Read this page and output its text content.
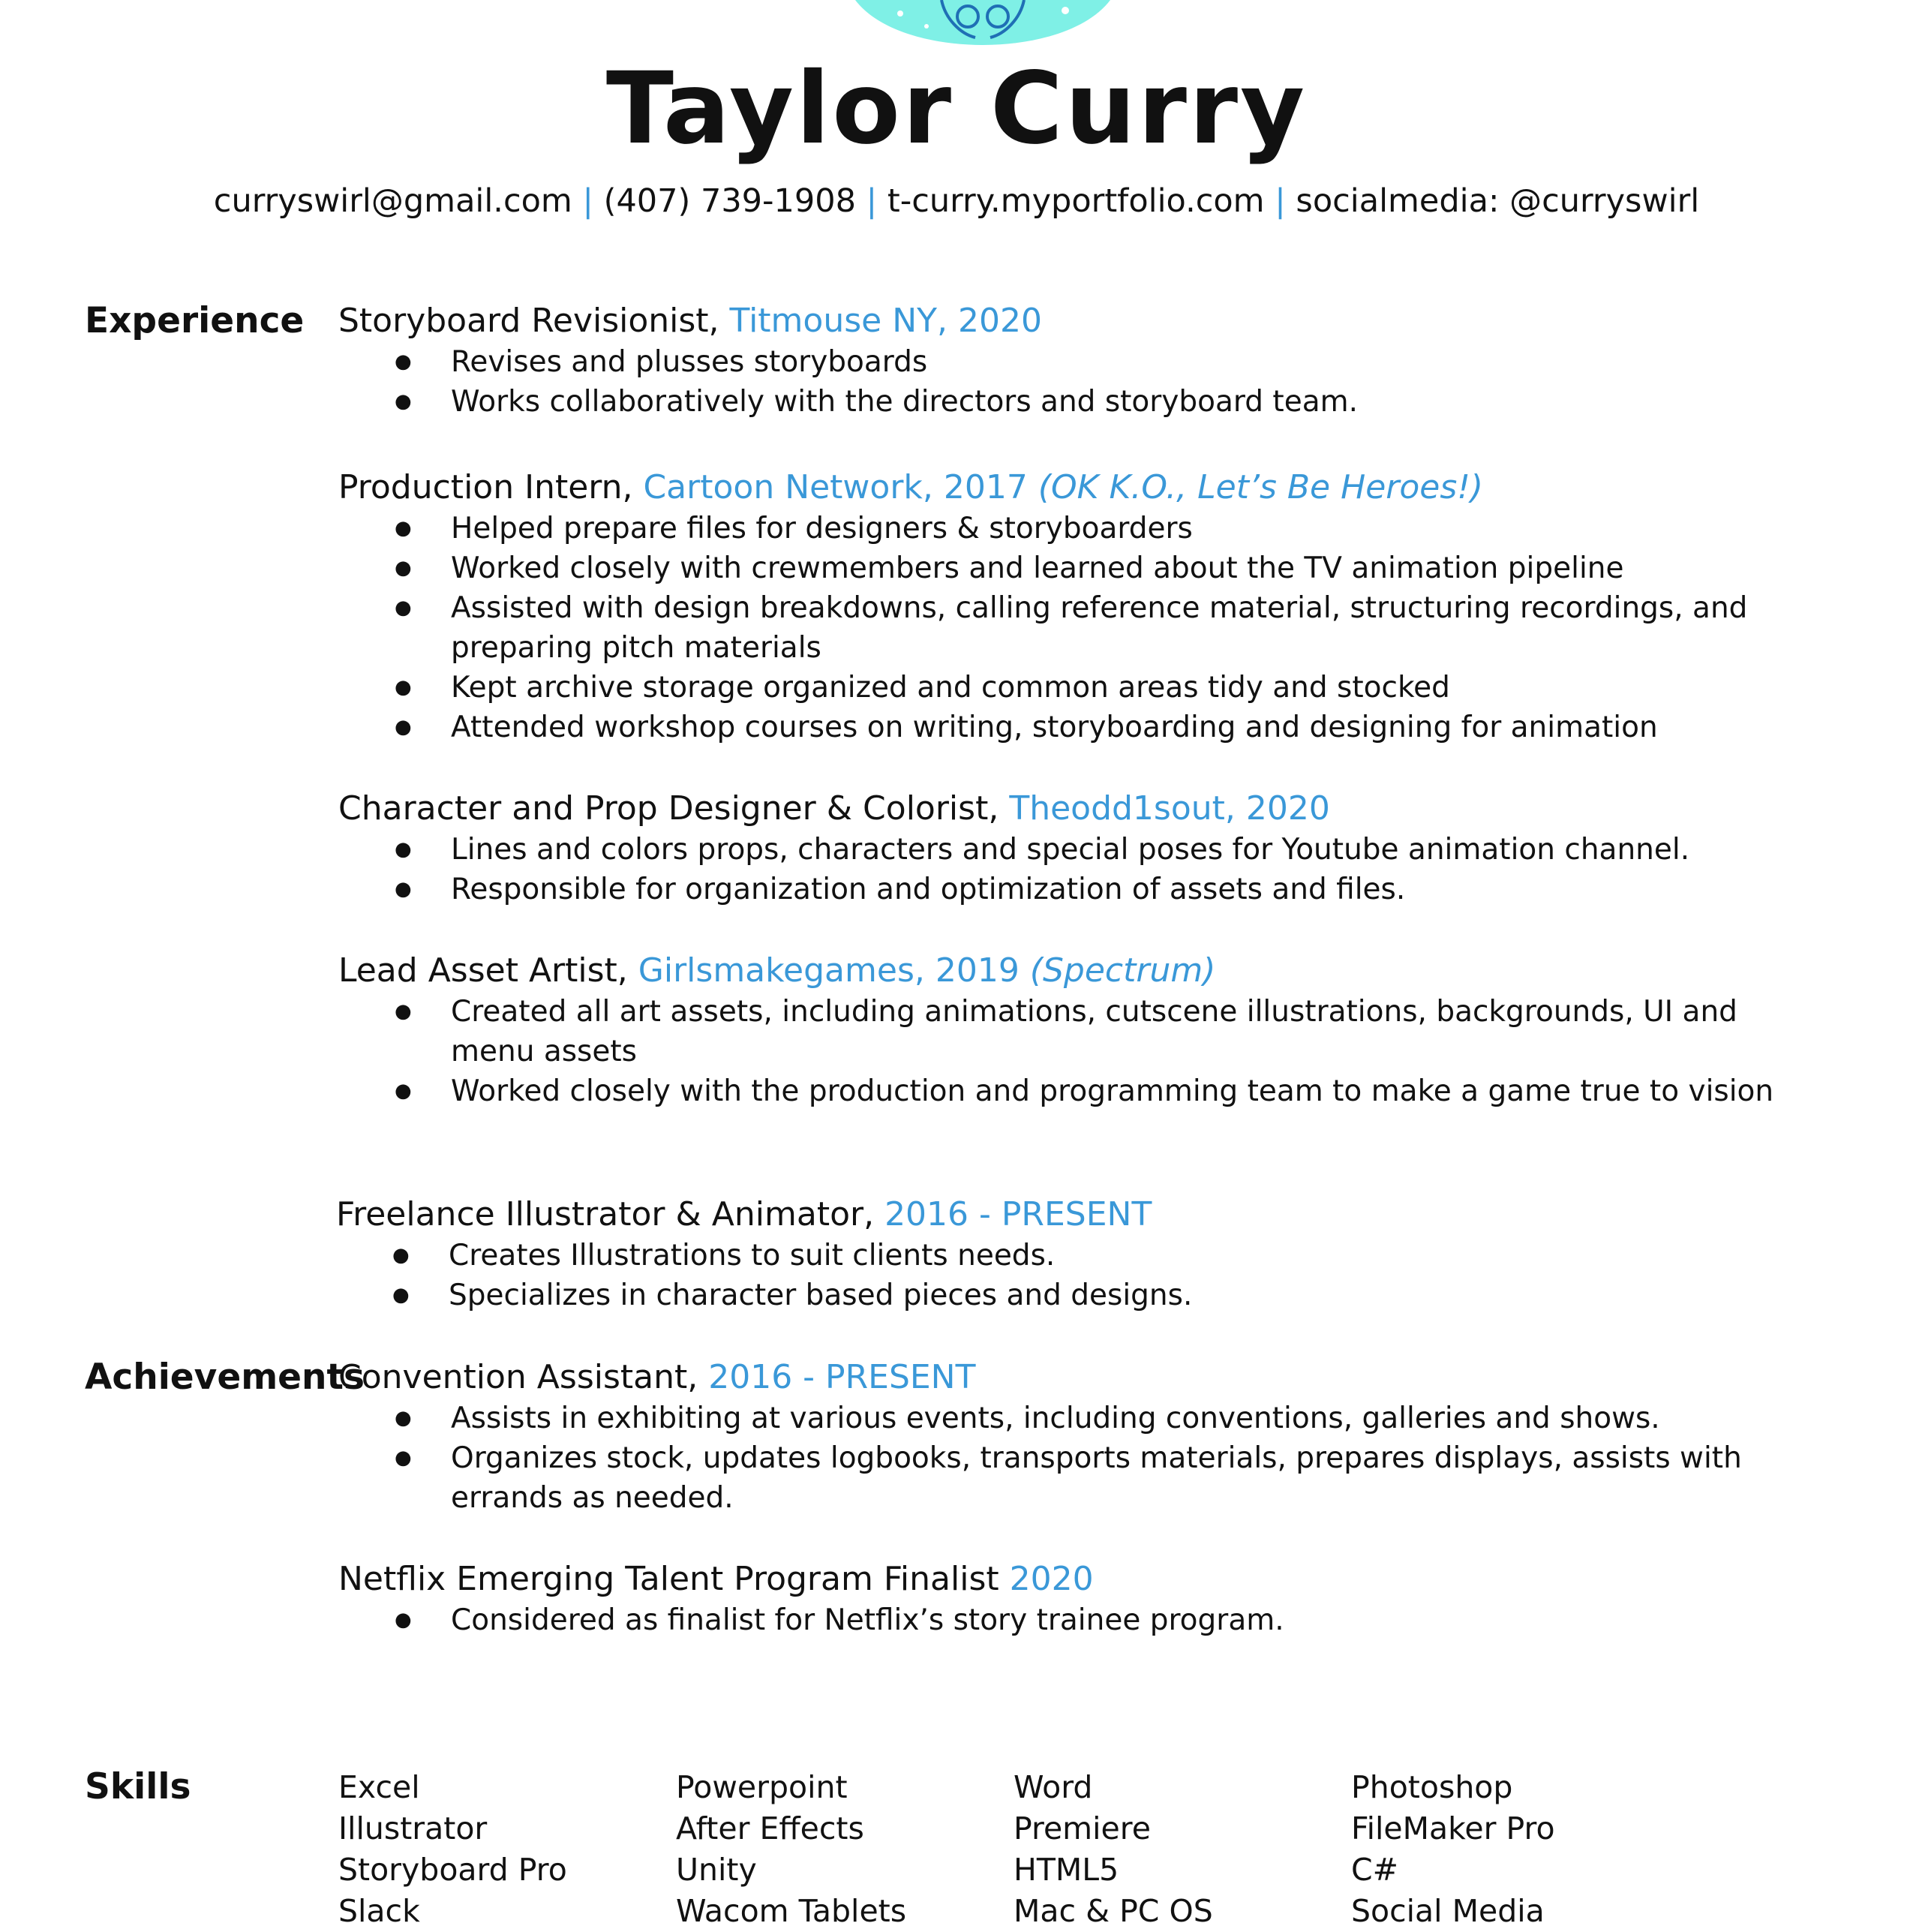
Taylor Curry
curryswirl@gmail.com | (407) 739-1908 | t-curry.myportfolio.com | socialmedia: @curryswirl
Experience Storyboard Revisionist, Titmouse NY, 2020
● Revises and plusses storyboards
● Works collaboratively with the directors and storyboard team.
Production Intern, Cartoon Network, 2017 (OK K.O., Let’s Be Heroes!)
● Helped prepare files for designers & storyboarders
● Worked closely with crewmembers and learned about the TV animation pipeline
● Assisted with design breakdowns, calling reference material, structuring recordings, and preparing pitch materials
● Kept archive storage organized and common areas tidy and stocked
● Attended workshop courses on writing, storyboarding and designing for animation
Character and Prop Designer & Colorist, Theodd1sout, 2020
● Lines and colors props, characters and special poses for Youtube animation channel.
● Responsible for organization and optimization of assets and files.
Lead Asset Artist, Girlsmakegames, 2019 (Spectrum)
● Created all art assets, including animations, cutscene illustrations, backgrounds, UI and menu assets
● Worked closely with the production and programming team to make a game true to vision
Freelance Illustrator & Animator, 2016 - PRESENT
● Creates Illustrations to suit clients needs.
● Specializes in character based pieces and designs.
Achievements
Convention Assistant, 2016 - PRESENT
● Assists in exhibiting at various events, including conventions, galleries and shows.
● Organizes stock, updates logbooks, transports materials, prepares displays, assists with errands as needed.
Netflix Emerging Talent Program Finalist 2020
● Considered as finalist for Netflix’s story trainee program.
Skills	Excel	Powerpoint	Word	Photoshop
Illustrator	After Effects	Premiere	FileMaker Pro
Storyboard Pro	Unity	HTML5	C#
Slack	Wacom Tablets	Mac & PC OS	Social Media
